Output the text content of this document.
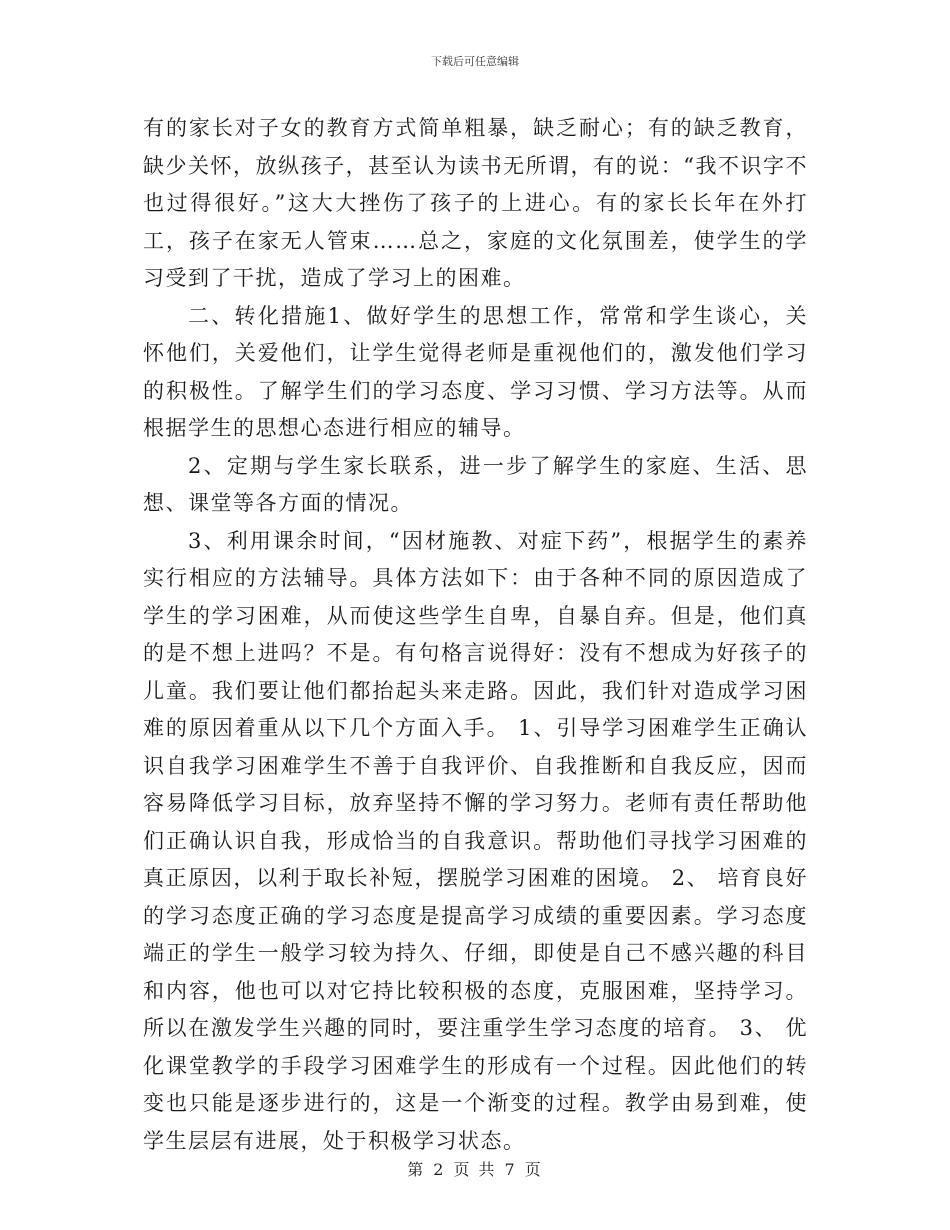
下载后可任意编辑

有的家长对子女的教育方式简单粗暴，缺乏耐心；有的缺乏教育，缺少关怀，放纵孩子，甚至认为读书无所谓，有的说：“我不识字不也过得很好。”这大大挫伤了孩子的上进心。有的家长长年在外打工，孩子在家无人管束……总之，家庭的文化氛围差，使学生的学习受到了干扰，造成了学习上的困难。

二、转化措施1、做好学生的思想工作，常常和学生谈心，关怀他们，关爱他们，让学生觉得老师是重视他们的，激发他们学习的积极性。了解学生们的学习态度、学习习惯、学习方法等。从而根据学生的思想心态进行相应的辅导。

2、定期与学生家长联系，进一步了解学生的家庭、生活、思想、课堂等各方面的情况。

3、利用课余时间，“因材施教、对症下药”，根据学生的素养实行相应的方法辅导。具体方法如下：由于各种不同的原因造成了学生的学习困难，从而使这些学生自卑，自暴自弃。但是，他们真的是不想上进吗？不是。有句格言说得好：没有不想成为好孩子的儿童。我们要让他们都抬起头来走路。因此，我们针对造成学习困难的原因着重从以下几个方面入手。 1、引导学习困难学生正确认识自我学习困难学生不善于自我评价、自我推断和自我反应，因而容易降低学习目标，放弃坚持不懈的学习努力。老师有责任帮助他们正确认识自我，形成恰当的自我意识。帮助他们寻找学习困难的真正原因，以利于取长补短，摆脱学习困难的困境。 2、 培育良好的学习态度正确的学习态度是提高学习成绩的重要因素。学习态度端正的学生一般学习较为持久、仔细，即使是自己不感兴趣的科目和内容，他也可以对它持比较积极的态度，克服困难，坚持学习。所以在激发学生兴趣的同时，要注重学生学习态度的培育。 3、 优化课堂教学的手段学习困难学生的形成有一个过程。因此他们的转变也只能是逐步进行的，这是一个渐变的过程。教学由易到难，使学生层层有进展，处于积极学习状态。

第 2 页 共 7 页
